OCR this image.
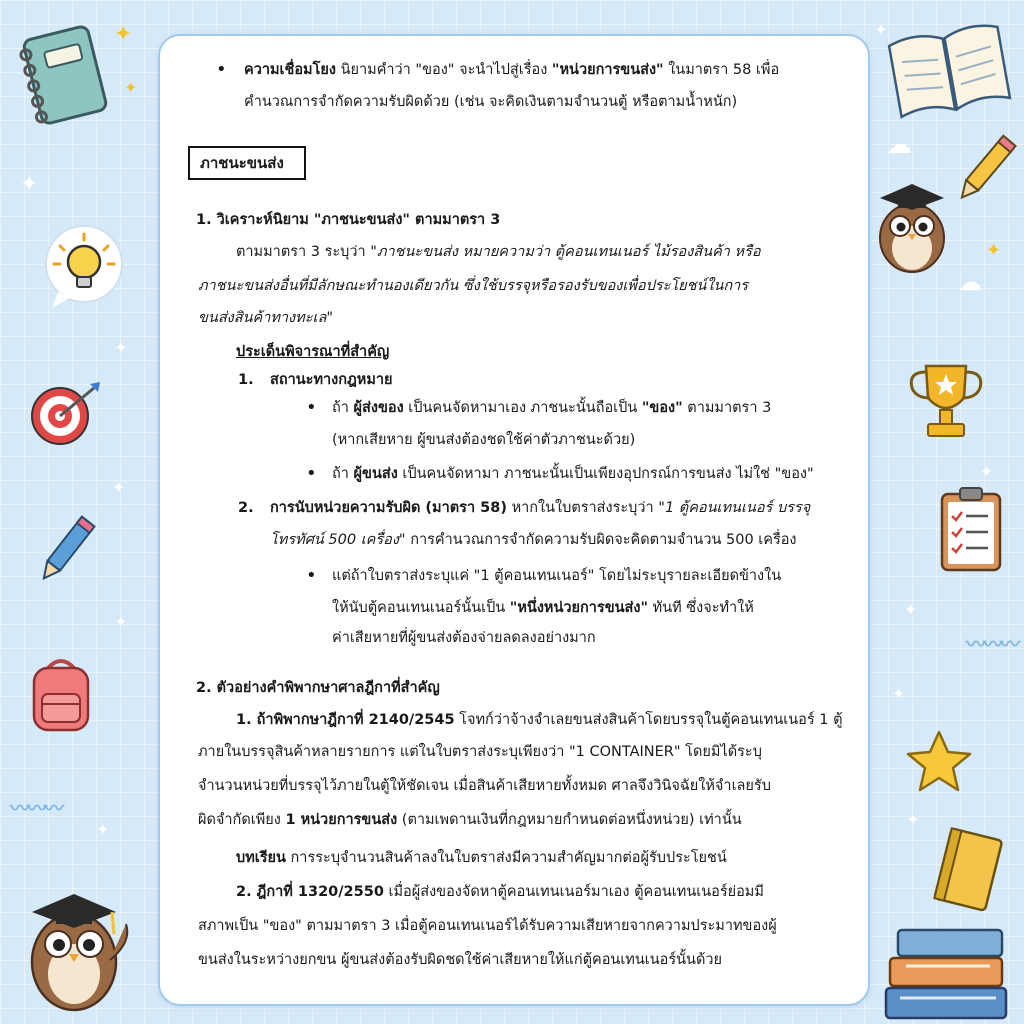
✦
✦
✦
✦
✦
✦
〰〰〰
✦
✦
☁
✦
☁
✦
✦
〰〰〰
✦
✦
• ความเชื่อมโยง นิยามคำว่า "ของ" จะนำไปสู่เรื่อง "หน่วยการขนส่ง" ในมาตรา 58 เพื่อ
คำนวณการจำกัดความรับผิดด้วย (เช่น จะคิดเงินตามจำนวนตู้ หรือตามน้ำหนัก)
ภาชนะขนส่ง
1. วิเคราะห์นิยาม "ภาชนะขนส่ง" ตามมาตรา 3
ตามมาตรา 3 ระบุว่า "ภาชนะขนส่ง หมายความว่า ตู้คอนเทนเนอร์ ไม้รองสินค้า หรือ
ภาชนะขนส่งอื่นที่มีลักษณะทำนองเดียวกัน ซึ่งใช้บรรจุหรือรองรับของเพื่อประโยชน์ในการ
ขนส่งสินค้าทางทะเล"
ประเด็นพิจารณาที่สำคัญ
1. สถานะทางกฎหมาย
• ถ้า ผู้ส่งของ เป็นคนจัดหามาเอง ภาชนะนั้นถือเป็น "ของ" ตามมาตรา 3
(หากเสียหาย ผู้ขนส่งต้องชดใช้ค่าตัวภาชนะด้วย)
• ถ้า ผู้ขนส่ง เป็นคนจัดหามา ภาชนะนั้นเป็นเพียงอุปกรณ์การขนส่ง ไม่ใช่ "ของ"
2. การนับหน่วยความรับผิด (มาตรา 58) หากในใบตราส่งระบุว่า "1 ตู้คอนเทนเนอร์ บรรจุ
โทรทัศน์ 500 เครื่อง" การคำนวณการจำกัดความรับผิดจะคิดตามจำนวน 500 เครื่อง
• แต่ถ้าใบตราส่งระบุแค่ "1 ตู้คอนเทนเนอร์" โดยไม่ระบุรายละเอียดข้างใน
ให้นับตู้คอนเทนเนอร์นั้นเป็น "หนึ่งหน่วยการขนส่ง" ทันที ซึ่งจะทำให้
ค่าเสียหายที่ผู้ขนส่งต้องจ่ายลดลงอย่างมาก
2. ตัวอย่างคำพิพากษาศาลฎีกาที่สำคัญ
1. ถ้าพิพากษาฎีกาที่ 2140/2545 โจทก์ว่าจ้างจำเลยขนส่งสินค้าโดยบรรจุในตู้คอนเทนเนอร์ 1 ตู้
ภายในบรรจุสินค้าหลายรายการ แต่ในใบตราส่งระบุเพียงว่า "1 CONTAINER" โดยมิได้ระบุ
จำนวนหน่วยที่บรรจุไว้ภายในตู้ให้ชัดเจน เมื่อสินค้าเสียหายทั้งหมด ศาลจึงวินิจฉัยให้จำเลยรับ
ผิดจำกัดเพียง 1 หน่วยการขนส่ง (ตามเพดานเงินที่กฎหมายกำหนดต่อหนึ่งหน่วย) เท่านั้น
บทเรียน การระบุจำนวนสินค้าลงในใบตราส่งมีความสำคัญมากต่อผู้รับประโยชน์
2. ฎีกาที่ 1320/2550 เมื่อผู้ส่งของจัดหาตู้คอนเทนเนอร์มาเอง ตู้คอนเทนเนอร์ย่อมมี
สภาพเป็น "ของ" ตามมาตรา 3 เมื่อตู้คอนเทนเนอร์ได้รับความเสียหายจากความประมาทของผู้
ขนส่งในระหว่างยกขน ผู้ขนส่งต้องรับผิดชดใช้ค่าเสียหายให้แก่ตู้คอนเทนเนอร์นั้นด้วย
